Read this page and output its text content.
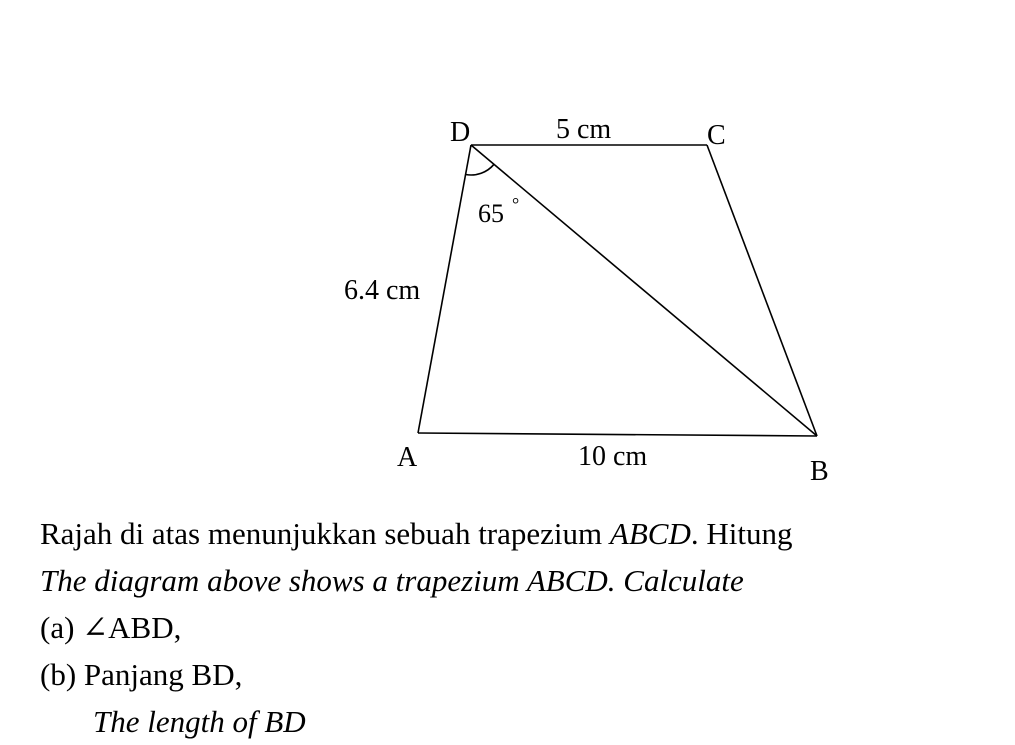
D	C
A	B
5 cm
6.4 cm
10 cm
65 °
Rajah di atas menunjukkan sebuah trapezium ABCD. Hitung
The diagram above shows a trapezium ABCD. Calculate
(a) ∠ABD,
(b) Panjang BD,
The length of BD
